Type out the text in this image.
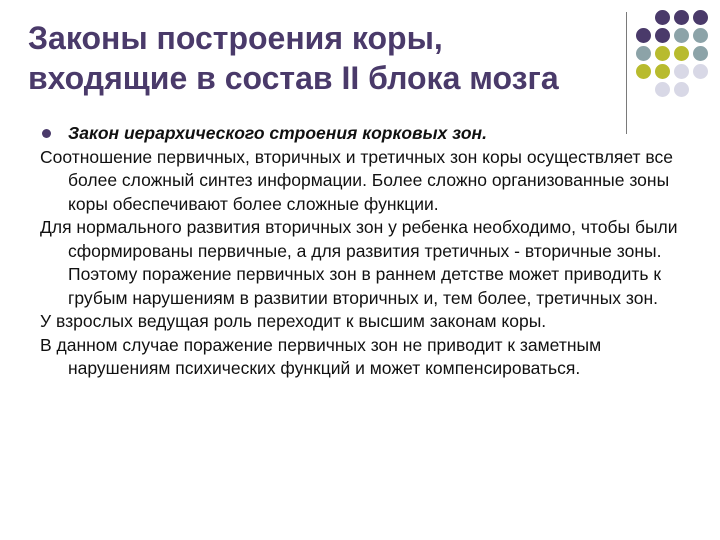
Законы построения коры,
входящие в состав II блока мозга
Закон иерархического строения корковых зон.

Соотношение первичных, вторичных и третичных зон коры осуществляет все более сложный синтез информации. Более сложно организованные зоны коры обеспечивают более сложные функции.

Для нормального развития вторичных зон у ребенка необходимо, чтобы были сформированы первичные, а для развития третичных - вторичные зоны. Поэтому поражение первичных зон в раннем детстве может приводить к грубым нарушениям в развитии вторичных и, тем более, третичных зон.

У взрослых ведущая роль переходит к высшим законам коры.

В данном случае поражение первичных зон не приводит к заметным нарушениям психических функций и может компенсироваться.
